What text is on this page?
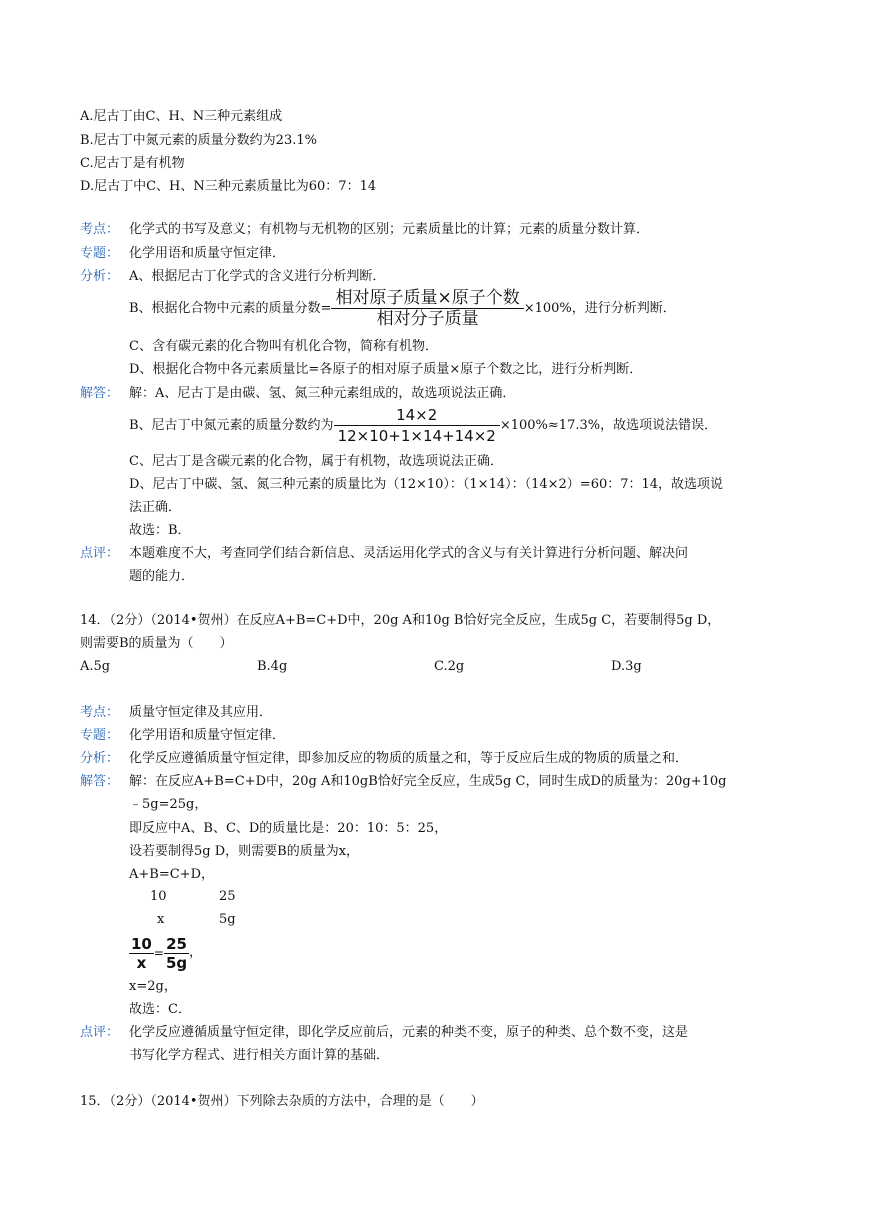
A.尼古丁由C、H、N三种元素组成
B.尼古丁中氮元素的质量分数约为23.1%
C.尼古丁是有机物
D.尼古丁中C、H、N三种元素质量比为60：7：14
考点： 化学式的书写及意义；有机物与无机物的区别；元素质量比的计算；元素的质量分数计算．
专题： 化学用语和质量守恒定律．
分析： A、根据尼古丁化学式的含义进行分析判断．
B、根据化合物中元素的质量分数= $\frac{\text{相对原子质量×原子个数}}{\text{相对分子质量}} \times 100\%$，进行分析判断．
C、含有碳元素的化合物叫有机化合物，简称有机物．
D、根据化合物中各元素质量比=各原子的相对原子质量×原子个数之比，进行分析判断．
解答： 解：A、尼古丁是由碳、氢、氮三种元素组成的，故选项说法正确．
B、尼古丁中氮元素的质量分数约为 $\frac{14\times 2}{12\times 10+1\times 14+14\times 2} \times 100\%\approx 17.3\%$，故选项说法错误．
C、尼古丁是含碳元素的化合物，属于有机物，故选项说法正确．
D、尼古丁中碳、氢、氮三种元素的质量比为（12×10）：（1×14）：（14×2）=60：7：14，故选项说
法正确．
故选：B．
点评： 本题难度不大，考查同学们结合新信息、灵活运用化学式的含义与有关计算进行分析问题、解决问
题的能力．
14．（2分）（2014•贺州）在反应A+B=C+D中，20g A和10g B恰好完全反应，生成5g C，若要制得5g D，
则需要B的质量为（　　）
A.5g	B.4g	C.2g	D.3g
考点： 质量守恒定律及其应用．
专题： 化学用语和质量守恒定律．
分析： 化学反应遵循质量守恒定律，即参加反应的物质的质量之和，等于反应后生成的物质的质量之和．
解答： 解：在反应A+B=C+D中，20g A和10gB恰好完全反应，生成5g C，同时生成D的质量为：20g+10g
﹣5g=25g，
即反应中A、B、C、D的质量比是：20：10：5：25，
设若要制得5g D，则需要B的质量为x，
A+B=C+D，
10	25
x	5g
$\frac{10}{x} = \frac{25}{5g}$ ，
x=2g，
故选：C．
点评： 化学反应遵循质量守恒定律，即化学反应前后，元素的种类不变，原子的种类、总个数不变，这是
书写化学方程式、进行相关方面计算的基础．
15．（2分）（2014•贺州）下列除去杂质的方法中，合理的是（　　）
